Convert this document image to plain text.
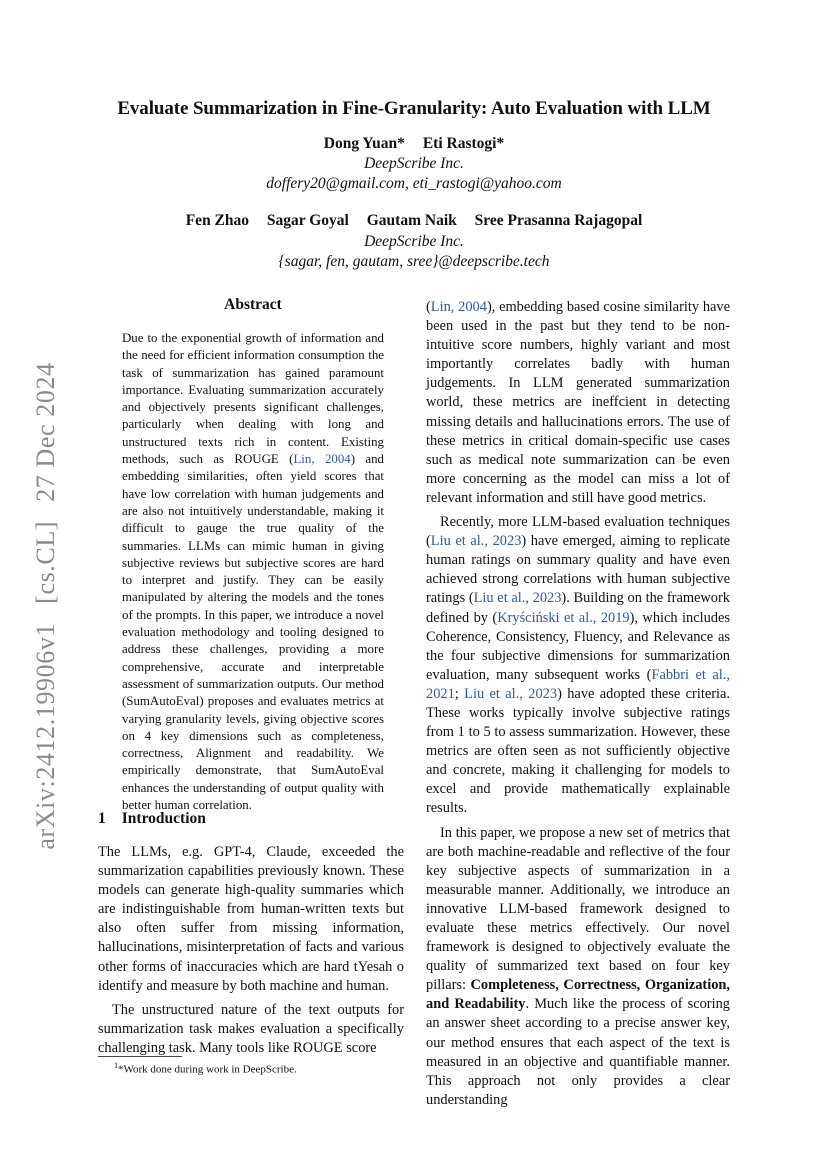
Evaluate Summarization in Fine-Granularity: Auto Evaluation with LLM
Dong Yuan* Eti Rastogi*
DeepScribe Inc.
doffery20@gmail.com, eti_rastogi@yahoo.com
Fen Zhao Sagar Goyal Gautam Naik Sree Prasanna Rajagopal
DeepScribe Inc.
{sagar, fen, gautam, sree}@deepscribe.tech
arXiv:2412.19906v1 [cs.CL] 27 Dec 2024
Abstract
Due to the exponential growth of information and the need for efficient information consumption the task of summarization has gained paramount importance. Evaluating summarization accurately and objectively presents significant challenges, particularly when dealing with long and unstructured texts rich in content. Existing methods, such as ROUGE (Lin, 2004) and embedding similarities, often yield scores that have low correlation with human judgements and are also not intuitively understandable, making it difficult to gauge the true quality of the summaries. LLMs can mimic human in giving subjective reviews but subjective scores are hard to interpret and justify. They can be easily manipulated by altering the models and the tones of the prompts. In this paper, we introduce a novel evaluation methodology and tooling designed to address these challenges, providing a more comprehensive, accurate and interpretable assessment of summarization outputs. Our method (SumAutoEval) proposes and evaluates metrics at varying granularity levels, giving objective scores on 4 key dimensions such as completeness, correctness, Alignment and readability. We empirically demonstrate, that SumAutoEval enhances the understanding of output quality with better human correlation.
1 Introduction

The LLMs, e.g. GPT-4, Claude, exceeded the summarization capabilities previously known. These models can generate high-quality summaries which are indistinguishable from human-written texts but also often suffer from missing information, hallucinations, misinterpretation of facts and various other forms of inaccuracies which are hard tYesah o identify and measure by both machine and human.

The unstructured nature of the text outputs for summarization task makes evaluation a specifically challenging task. Many tools like ROUGE score

$^1$*Work done during work in DeepScribe.

(Lin, 2004), embedding based cosine similarity have been used in the past but they tend to be non-intuitive score numbers, highly variant and most importantly correlates badly with human judgements. In LLM generated summarization world, these metrics are ineffcient in detecting missing details and hallucinations errors. The use of these metrics in critical domain-specific use cases such as medical note summarization can be even more concerning as the model can miss a lot of relevant information and still have good metrics.

Recently, more LLM-based evaluation techniques (Liu et al., 2023) have emerged, aiming to replicate human ratings on summary quality and have even achieved strong correlations with human subjective ratings (Liu et al., 2023). Building on the framework defined by (Kryściński et al., 2019), which includes Coherence, Consistency, Fluency, and Relevance as the four subjective dimensions for summarization evaluation, many subsequent works (Fabbri et al., 2021; Liu et al., 2023) have adopted these criteria. These works typically involve subjective ratings from 1 to 5 to assess summarization. However, these metrics are often seen as not sufficiently objective and concrete, making it challenging for models to excel and provide mathematically explainable results.

In this paper, we propose a new set of metrics that are both machine-readable and reflective of the four key subjective aspects of summarization in a measurable manner. Additionally, we introduce an innovative LLM-based framework designed to evaluate these metrics effectively. Our novel framework is designed to objectively evaluate the quality of summarized text based on four key pillars: Completeness, Correctness, Organization, and Readability. Much like the process of scoring an answer sheet according to a precise answer key, our method ensures that each aspect of the text is measured in an objective and quantifiable manner. This approach not only provides a clear understanding
